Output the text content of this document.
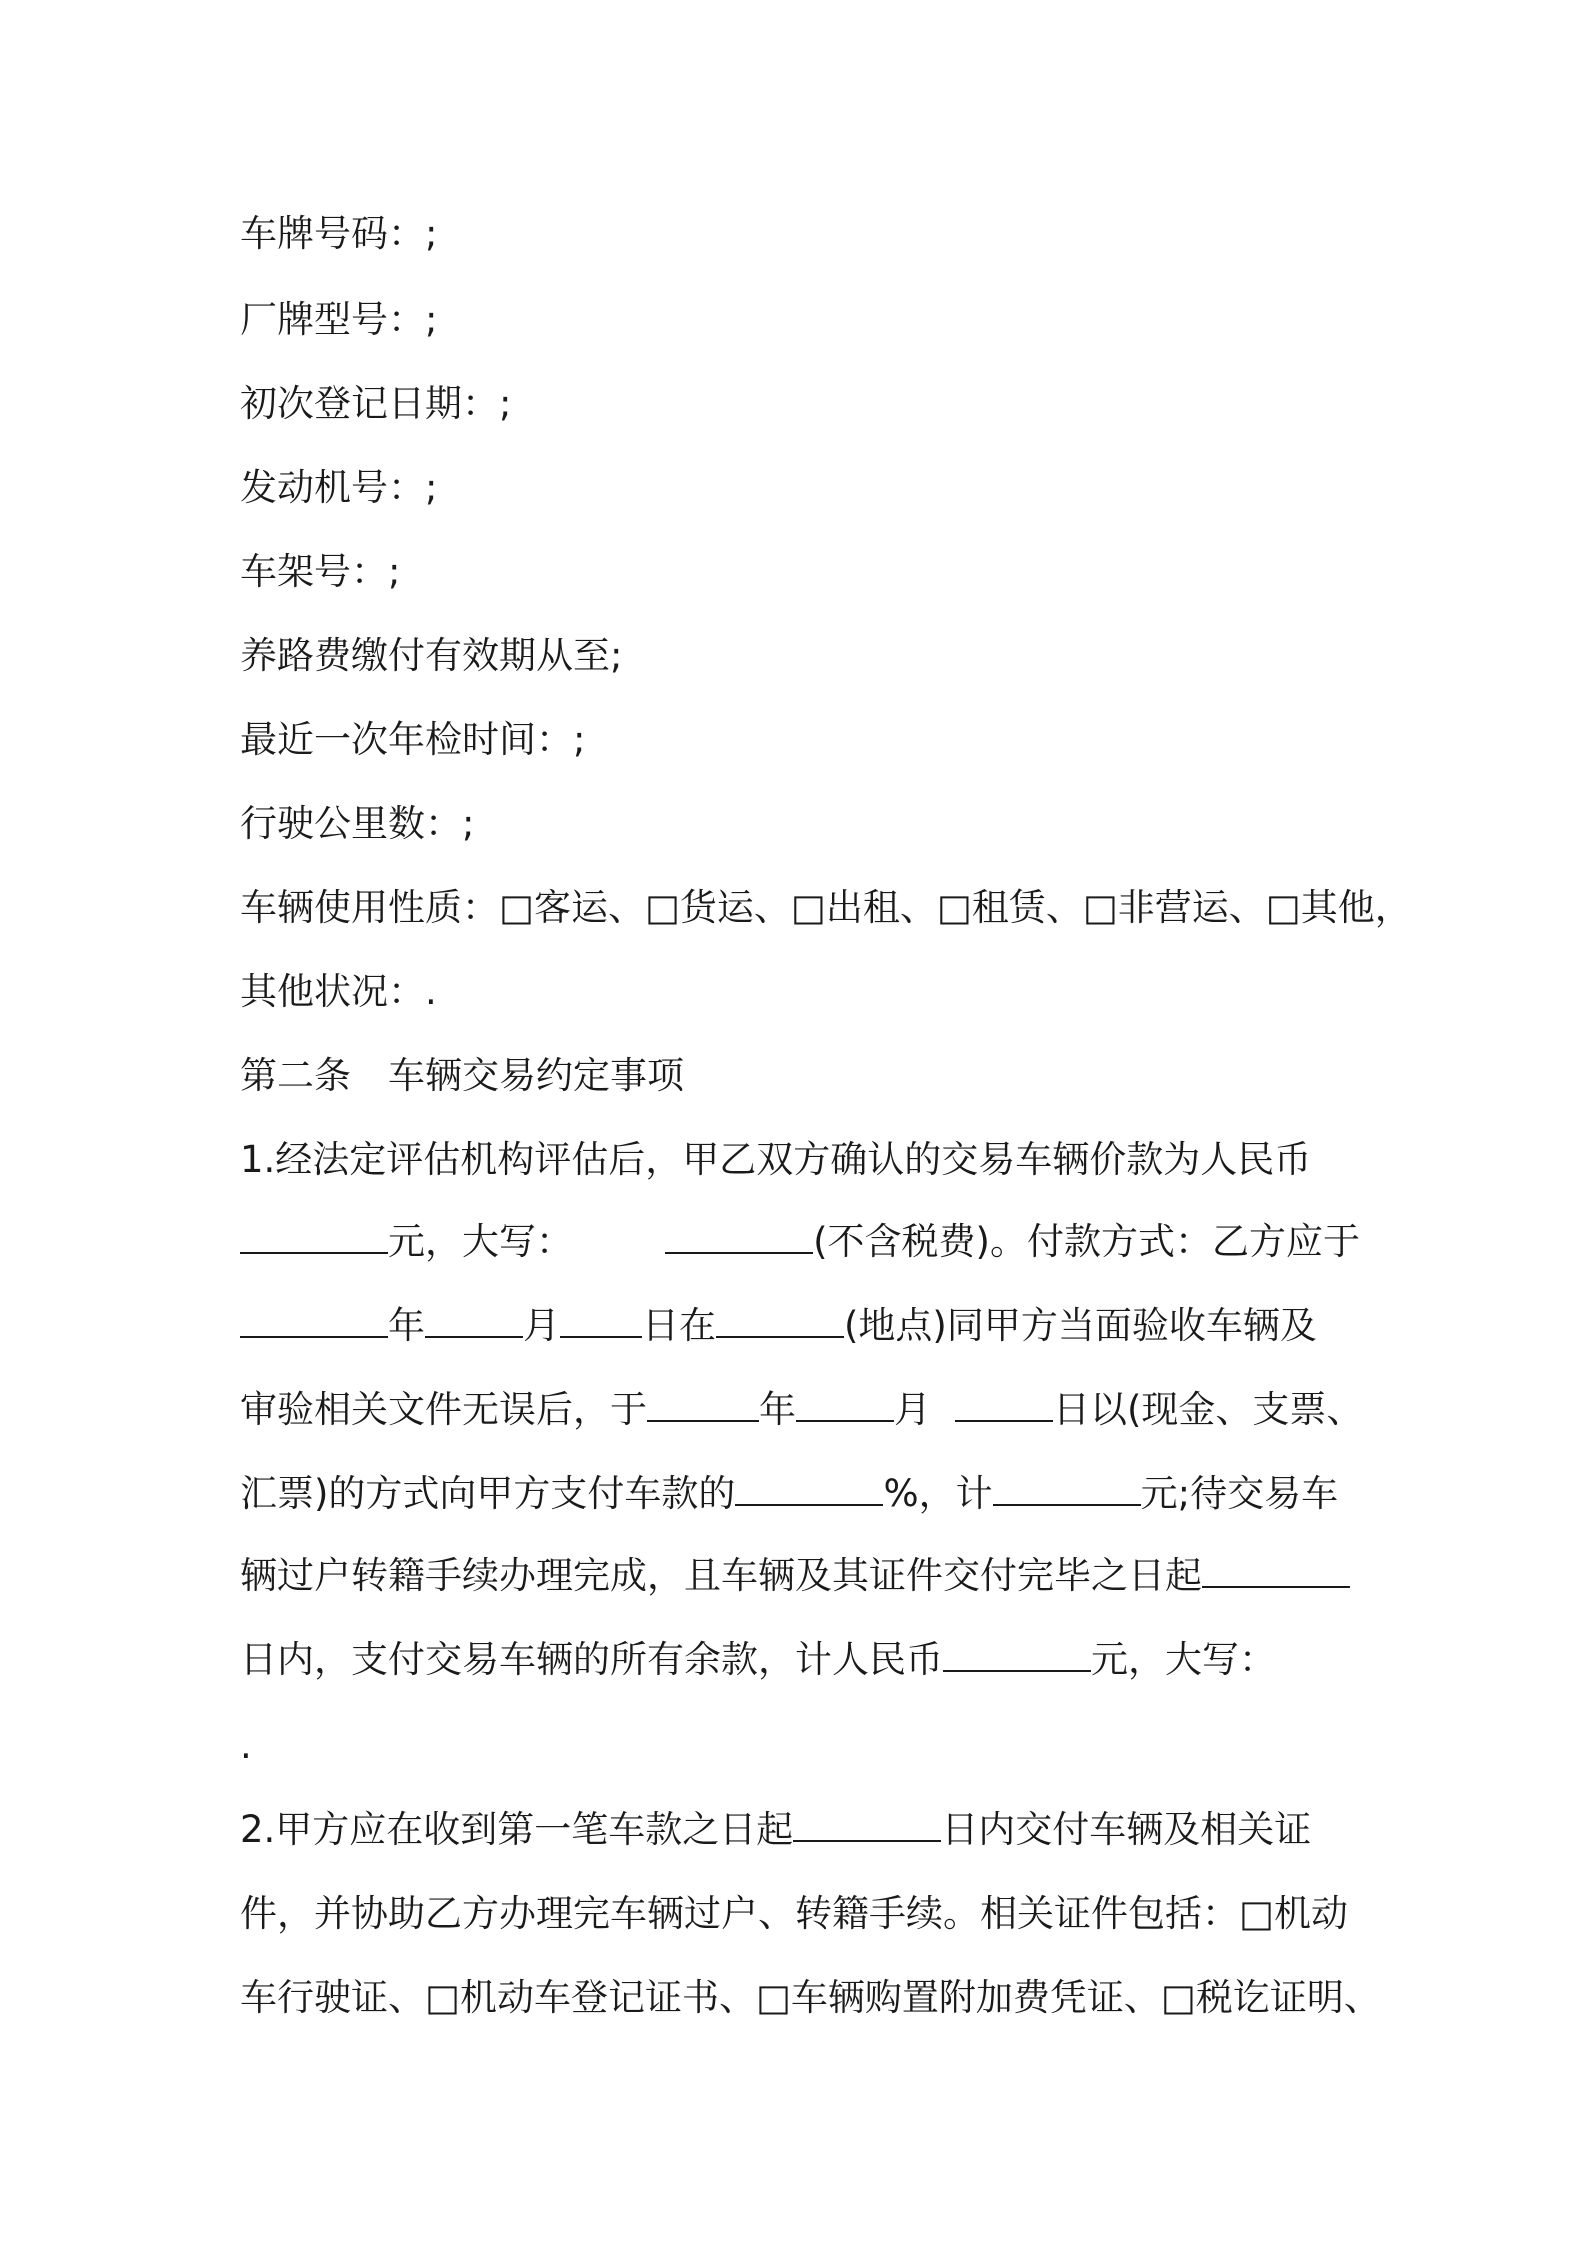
车牌号码：;
厂牌型号：;
初次登记日期：;
发动机号：;
车架号：;
养路费缴付有效期从至;
最近一次年检时间：;
行驶公里数：;
车辆使用性质：□客运、□货运、□出租、□租赁、□非营运、□其他，
其他状况：.
第二条　车辆交易约定事项
1.经法定评估机构评估后，甲乙双方确认的交易车辆价款为人民币
元，大写：	(不含税费)。付款方式：乙方应于
年	月 日在	(地点)同甲方当面验收车辆及
审验相关文件无误后，于	年	月	日以(现金、支票、
汇票)的方式向甲方支付车款的	%，计	元;待交易车
辆过户转籍手续办理完成，且车辆及其证件交付完毕之日起
日内，支付交易车辆的所有余款，计人民币	元，大写：
.
2.甲方应在收到第一笔车款之日起	日内交付车辆及相关证
件，并协助乙方办理完车辆过户、转籍手续。相关证件包括：□机动
车行驶证、□机动车登记证书、□车辆购置附加费凭证、□税讫证明、
